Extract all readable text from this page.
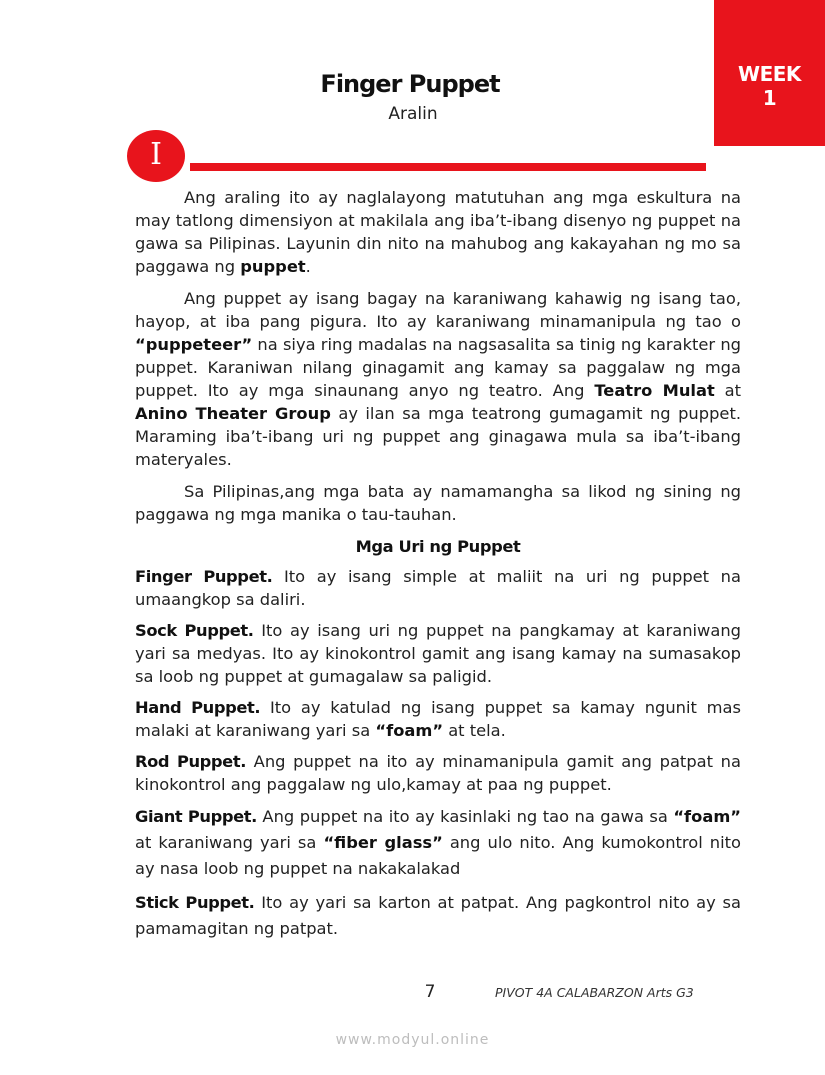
WEEK
1
Finger Puppet
Aralin
I

Ang araling ito ay naglalayong matutuhan ang mga eskultura na may tatlong dimensiyon at makilala ang iba’t-ibang disenyo ng puppet na gawa sa Pilipinas. Layunin din nito na mahubog ang kakayahan ng mo sa paggawa ng puppet.

Ang puppet ay isang bagay na karaniwang kahawig ng isang tao, hayop, at iba pang pigura. Ito ay karaniwang minamanipula ng tao o “puppeteer” na siya ring madalas na nagsasalita sa tinig ng karakter ng puppet. Karaniwan nilang ginagamit ang kamay sa paggalaw ng mga puppet. Ito ay mga sinaunang anyo ng teatro. Ang Teatro Mulat at Anino Theater Group ay ilan sa mga teatrong gumagamit ng puppet. Maraming iba’t-ibang uri ng puppet ang ginagawa mula sa iba’t-ibang materyales.

Sa Pilipinas,ang mga bata ay namamangha sa likod ng sining ng paggawa ng mga manika o tau-tauhan.

Mga Uri ng Puppet

Finger Puppet. Ito ay isang simple at maliit na uri ng puppet na umaangkop sa daliri.

Sock Puppet. Ito ay isang uri ng puppet na pangkamay at karaniwang yari sa medyas. Ito ay kinokontrol gamit ang isang kamay na sumasakop sa loob ng puppet at gumagalaw sa paligid.

Hand Puppet. Ito ay katulad ng isang puppet sa kamay ngunit mas malaki at karaniwang yari sa “foam” at tela.

Rod Puppet. Ang puppet na ito ay minamanipula gamit ang patpat na kinokontrol ang paggalaw ng ulo,kamay at paa ng puppet.

Giant Puppet. Ang puppet na ito ay kasinlaki ng tao na gawa sa “foam” at karaniwang yari sa “fiber glass” ang ulo nito. Ang kumokontrol nito ay nasa loob ng puppet na nakakalakad

Stick Puppet. Ito ay yari sa karton at patpat. Ang pagkontrol nito ay sa pamamagitan ng patpat.

7	PIVOT 4A CALABARZON Arts G3
www.modyul.online
